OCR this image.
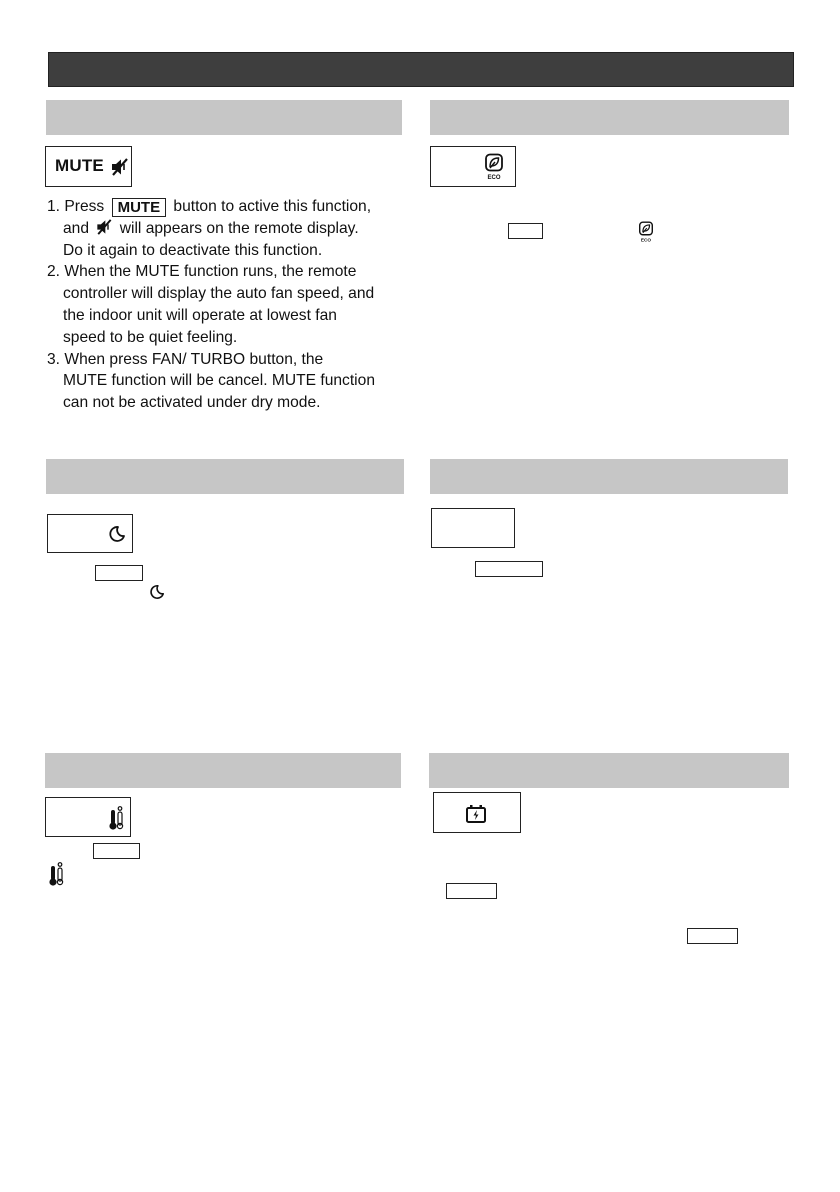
MUTE

1. Press MUTE button to active this function,

and will appears on the remote display.

Do it again to deactivate this function.

2. When the MUTE function runs, the remote

controller will display the auto fan speed, and

the indoor unit will operate at lowest fan

speed to be quiet feeling.

3. When press FAN/ TURBO button, the

MUTE function will be cancel. MUTE function

can not be activated under dry mode.

ECO
ECO
